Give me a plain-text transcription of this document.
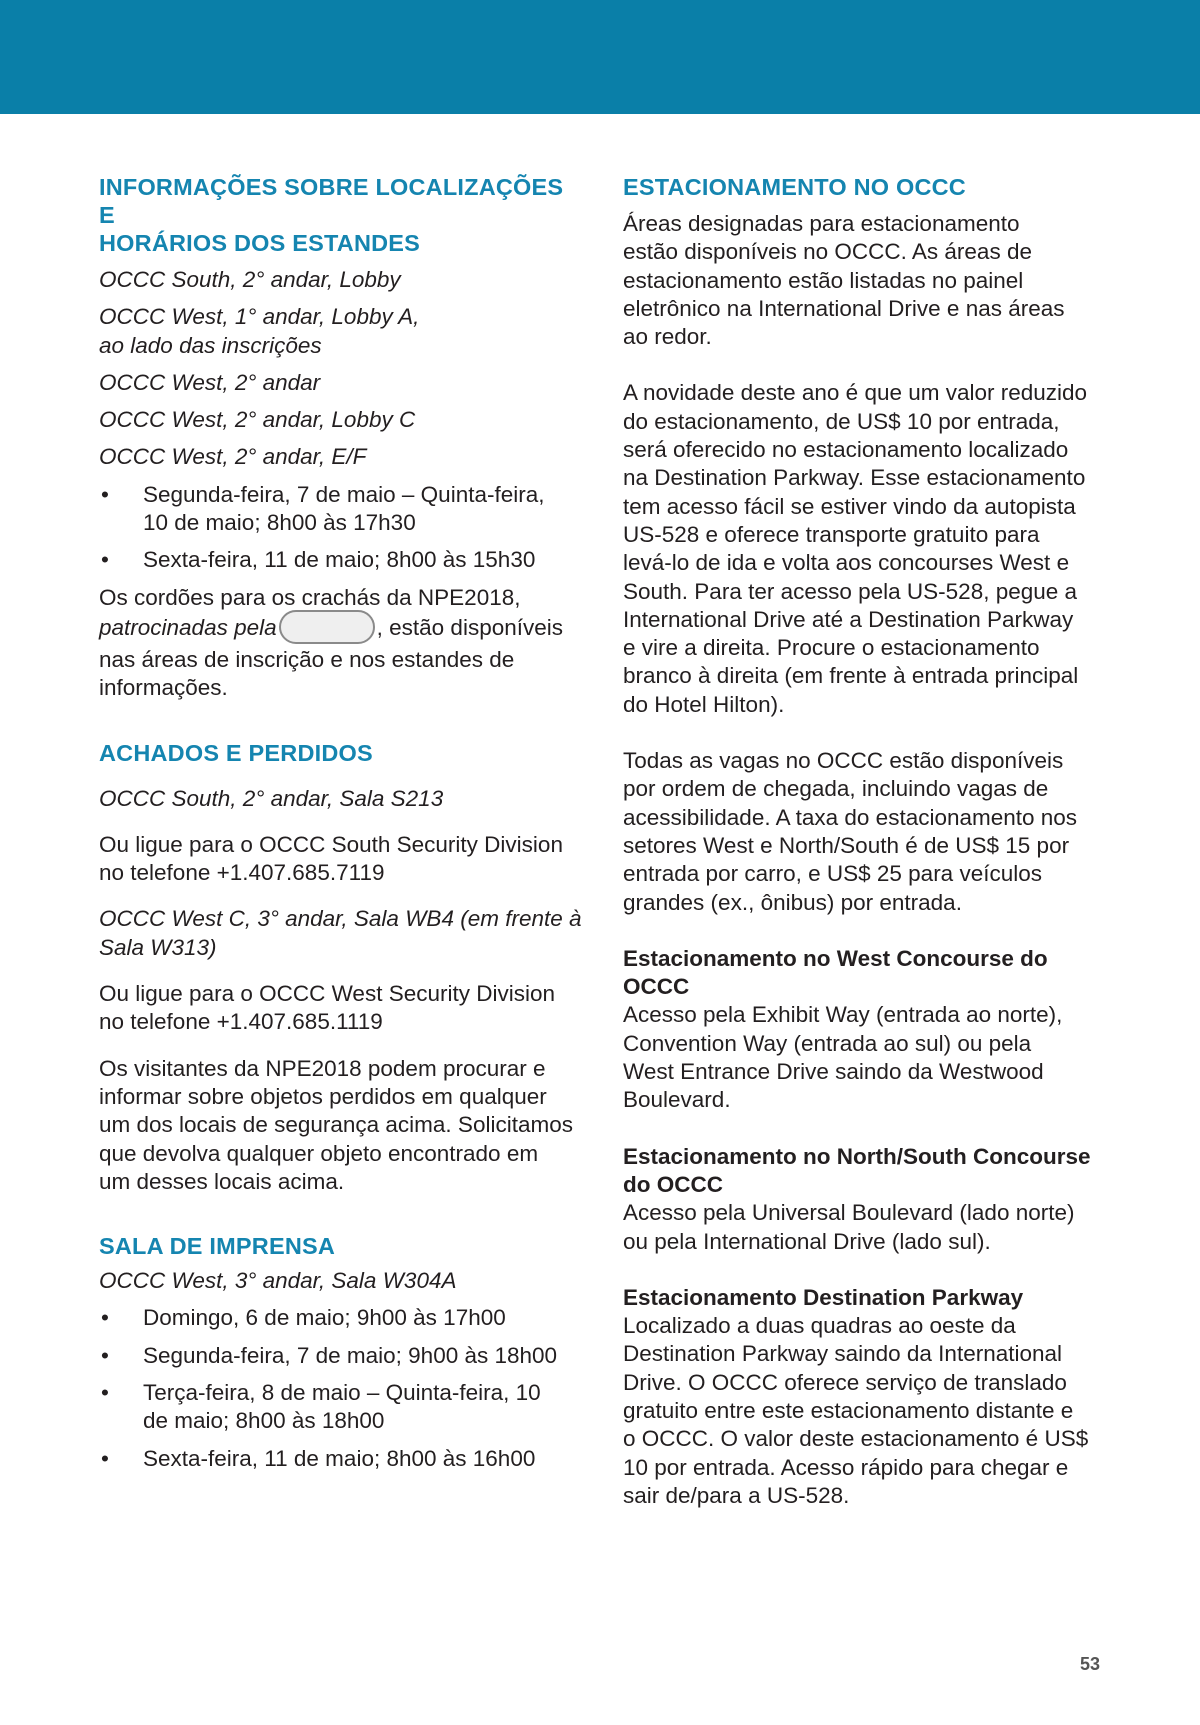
INFORMAÇÕES SOBRE LOCALIZAÇÕES E
HORÁRIOS DOS ESTANDES

OCCC South, 2° andar, Lobby

OCCC West, 1° andar, Lobby A,
ao lado das inscrições

OCCC West, 2° andar

OCCC West, 2° andar, Lobby C

OCCC West, 2° andar, E/F

• Segunda-feira, 7 de maio – Quinta-feira,
10 de maio; 8h00 às 17h30
• Sexta-feira, 11 de maio; 8h00 às 15h30

Os cordões para os crachás da NPE2018,
patrocinadas pela	, estão disponíveis
nas áreas de inscrição e nos estandes de
informações.

ACHADOS E PERDIDOS

OCCC South, 2° andar, Sala S213

Ou ligue para o OCCC South Security Division
no telefone +1.407.685.7119

OCCC West C, 3° andar, Sala WB4 (em frente à
Sala W313)

Ou ligue para o OCCC West Security Division
no telefone +1.407.685.1119

Os visitantes da NPE2018 podem procurar e
informar sobre objetos perdidos em qualquer
um dos locais de segurança acima. Solicitamos
que devolva qualquer objeto encontrado em
um desses locais acima.

SALA DE IMPRENSA

OCCC West, 3° andar, Sala W304A

• Domingo, 6 de maio; 9h00 às 17h00
• Segunda-feira, 7 de maio; 9h00 às 18h00
• Terça-feira, 8 de maio – Quinta-feira, 10
de maio; 8h00 às 18h00
• Sexta-feira, 11 de maio; 8h00 às 16h00
ESTACIONAMENTO NO OCCC

Áreas designadas para estacionamento
estão disponíveis no OCCC. As áreas de
estacionamento estão listadas no painel
eletrônico na International Drive e nas áreas
ao redor.

A novidade deste ano é que um valor reduzido
do estacionamento, de US$ 10 por entrada,
será oferecido no estacionamento localizado
na Destination Parkway. Esse estacionamento
tem acesso fácil se estiver vindo da autopista
US-528 e oferece transporte gratuito para
levá-lo de ida e volta aos concourses West e
South. Para ter acesso pela US-528, pegue a
International Drive até a Destination Parkway
e vire a direita. Procure o estacionamento
branco à direita (em frente à entrada principal
do Hotel Hilton).

Todas as vagas no OCCC estão disponíveis
por ordem de chegada, incluindo vagas de
acessibilidade. A taxa do estacionamento nos
setores West e North/South é de US$ 15 por
entrada por carro, e US$ 25 para veículos
grandes (ex., ônibus) por entrada.

Estacionamento no West Concourse do OCCC
Acesso pela Exhibit Way (entrada ao norte),
Convention Way (entrada ao sul) ou pela
West Entrance Drive saindo da Westwood
Boulevard.

Estacionamento no North/South Concourse
do OCCC
Acesso pela Universal Boulevard (lado norte)
ou pela International Drive (lado sul).

Estacionamento Destination Parkway
Localizado a duas quadras ao oeste da
Destination Parkway saindo da International
Drive. O OCCC oferece serviço de translado
gratuito entre este estacionamento distante e
o OCCC. O valor deste estacionamento é US$
10 por entrada. Acesso rápido para chegar e
sair de/para a US-528.

53
